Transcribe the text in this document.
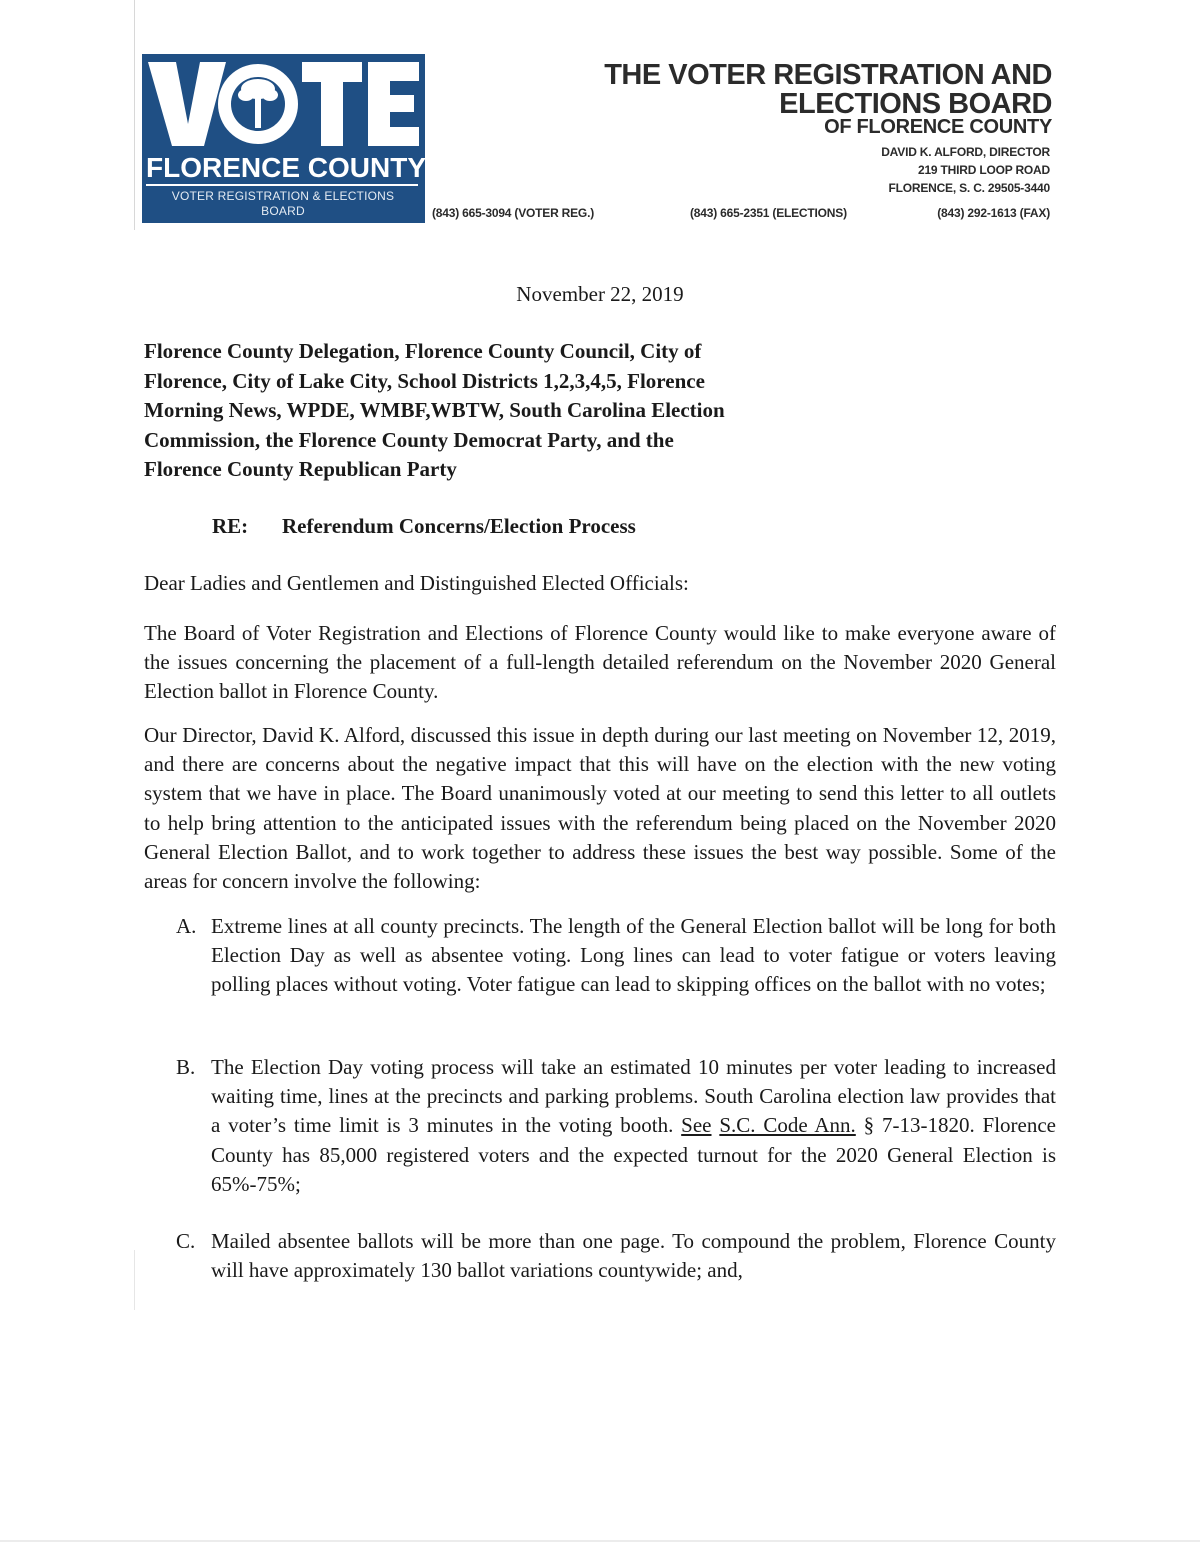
FLORENCE COUNTY
VOTER REGISTRATION & ELECTIONS
BOARD
THE VOTER REGISTRATION AND
ELECTIONS BOARD
OF FLORENCE COUNTY
DAVID K. ALFORD, DIRECTOR
219 THIRD LOOP ROAD
FLORENCE, S. C. 29505-3440
(843) 665-3094 (VOTER REG.)	(843) 665-2351 (ELECTIONS)	(843) 292-1613 (FAX)
November 22, 2019
Florence County Delegation, Florence County Council, City of
Florence, City of Lake City, School Districts 1,2,3,4,5, Florence
Morning News, WPDE, WMBF,WBTW, South Carolina Election
Commission, the Florence County Democrat Party, and the
Florence County Republican Party
RE: Referendum Concerns/Election Process
Dear Ladies and Gentlemen and Distinguished Elected Officials:
The Board of Voter Registration and Elections of Florence County would like to make everyone aware of the issues concerning the placement of a full-length detailed referendum on the November 2020 General Election ballot in Florence County.
Our Director, David K. Alford, discussed this issue in depth during our last meeting on November 12, 2019, and there are concerns about the negative impact that this will have on the election with the new voting system that we have in place. The Board unanimously voted at our meeting to send this letter to all outlets to help bring attention to the anticipated issues with the referendum being placed on the November 2020 General Election Ballot, and to work together to address these issues the best way possible. Some of the areas for concern involve the following:
A. Extreme lines at all county precincts. The length of the General Election ballot will be long for both Election Day as well as absentee voting. Long lines can lead to voter fatigue or voters leaving polling places without voting. Voter fatigue can lead to skipping offices on the ballot with no votes;
B. The Election Day voting process will take an estimated 10 minutes per voter leading to increased waiting time, lines at the precincts and parking problems. South Carolina election law provides that a voter’s time limit is 3 minutes in the voting booth. See S.C. Code Ann. § 7-13-1820. Florence County has 85,000 registered voters and the expected turnout for the 2020 General Election is 65%-75%;
C. Mailed absentee ballots will be more than one page. To compound the problem, Florence County will have approximately 130 ballot variations countywide; and,
